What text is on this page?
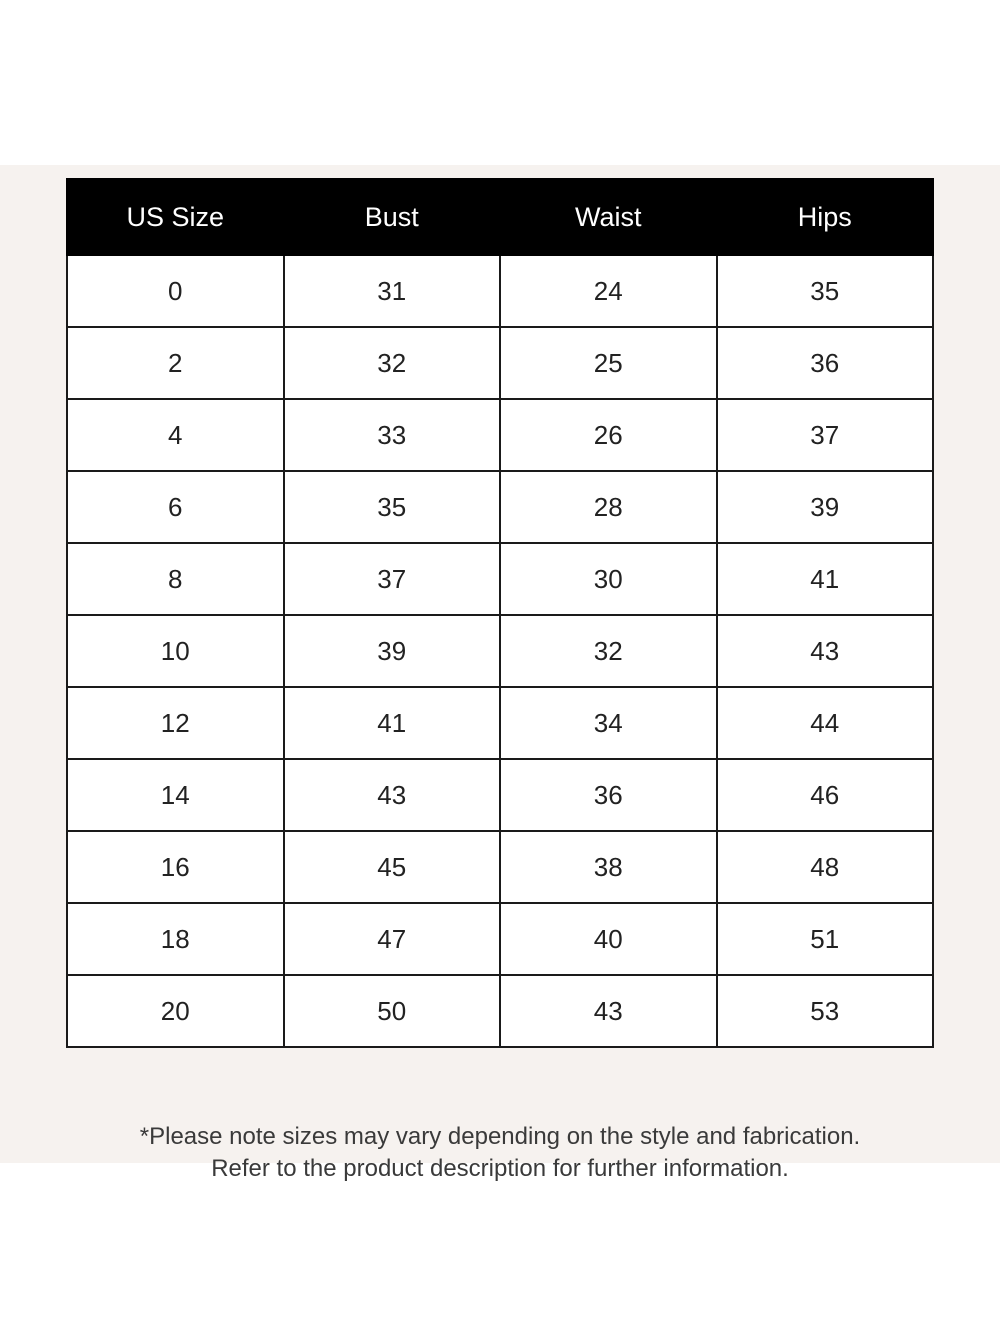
US Size	Bust	Waist	Hips
0	31	24	35
2	32	25	36
4	33	26	37
6	35	28	39
8	37	30	41
10	39	32	43
12	41	34	44
14	43	36	46
16	45	38	48
18	47	40	51
20	50	43	53
*Please note sizes may vary depending on the style and fabrication.
Refer to the product description for further information.
